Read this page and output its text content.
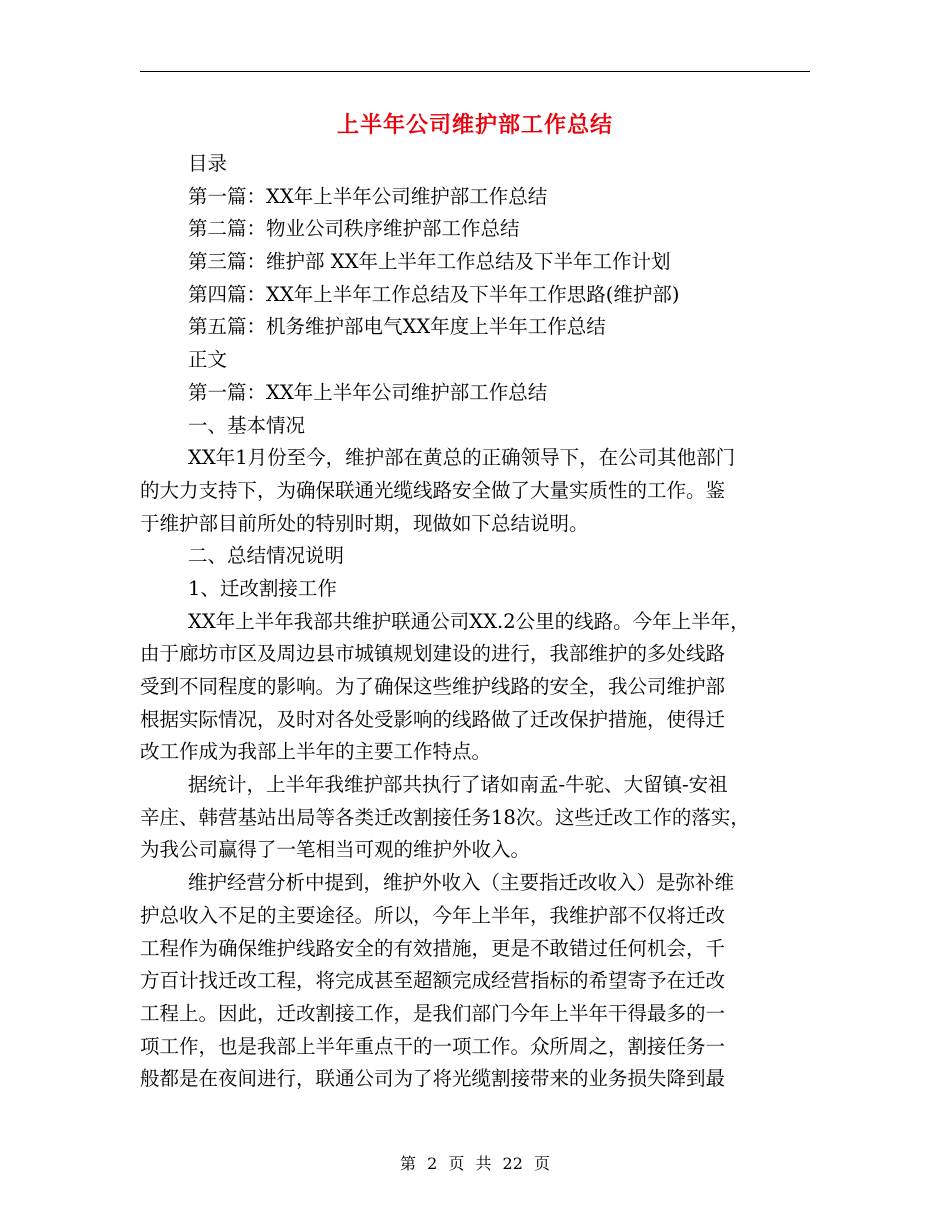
上半年公司维护部工作总结
目录
第一篇：XX年上半年公司维护部工作总结
第二篇：物业公司秩序维护部工作总结
第三篇：维护部 XX年上半年工作总结及下半年工作计划
第四篇：XX年上半年工作总结及下半年工作思路(维护部)
第五篇：机务维护部电气XX年度上半年工作总结
正文
第一篇：XX年上半年公司维护部工作总结
一、基本情况
XX年1月份至今，维护部在黄总的正确领导下，在公司其他部门
的大力支持下，为确保联通光缆线路安全做了大量实质性的工作。鉴
于维护部目前所处的特别时期，现做如下总结说明。
二、总结情况说明
1、迁改割接工作
XX年上半年我部共维护联通公司XX.2公里的线路。今年上半年，
由于廊坊市区及周边县市城镇规划建设的进行，我部维护的多处线路
受到不同程度的影响。为了确保这些维护线路的安全，我公司维护部
根据实际情况，及时对各处受影响的线路做了迁改保护措施，使得迁
改工作成为我部上半年的主要工作特点。
据统计，上半年我维护部共执行了诸如南孟-牛驼、大留镇-安祖
辛庄、韩营基站出局等各类迁改割接任务18次。这些迁改工作的落实，
为我公司赢得了一笔相当可观的维护外收入。
维护经营分析中提到，维护外收入（主要指迁改收入）是弥补维
护总收入不足的主要途径。所以，今年上半年，我维护部不仅将迁改
工程作为确保维护线路安全的有效措施，更是不敢错过任何机会，千
方百计找迁改工程，将完成甚至超额完成经营指标的希望寄予在迁改
工程上。因此，迁改割接工作，是我们部门今年上半年干得最多的一
项工作，也是我部上半年重点干的一项工作。众所周之，割接任务一
般都是在夜间进行，联通公司为了将光缆割接带来的业务损失降到最
第 2 页 共 22 页
